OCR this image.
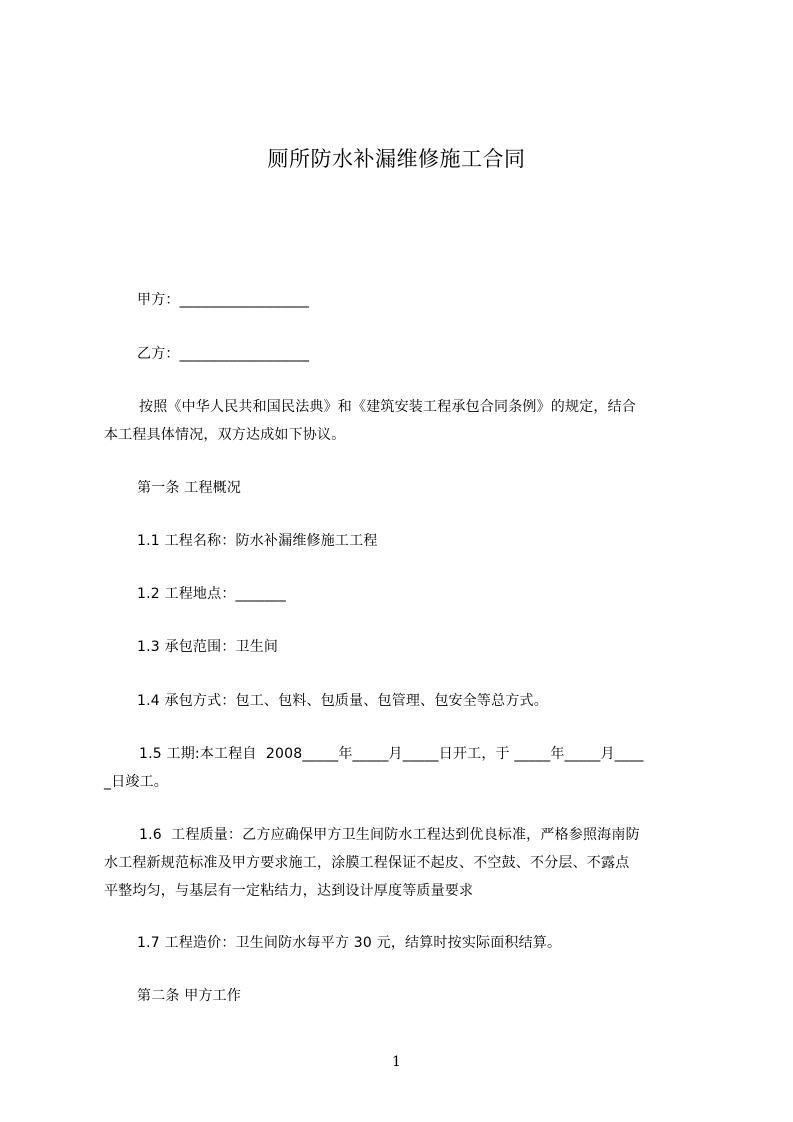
厕所防水补漏维修施工合同
甲方：__________________
乙方：__________________
按照《中华人民共和国民法典》和《建筑安装工程承包合同条例》的规定，结合
本工程具体情况，双方达成如下协议。
第一条 工程概况
1.1 工程名称：防水补漏维修施工工程
1.2 工程地点：_______
1.3 承包范围：卫生间
1.4 承包方式：包工、包料、包质量、包管理、包安全等总方式。
1.5 工期:本工程自  2008_____年_____月_____日开工，于 _____年_____月____
_日竣工。
1.6  工程质量：乙方应确保甲方卫生间防水工程达到优良标准，严格参照海南防
水工程新规范标准及甲方要求施工，涂膜工程保证不起皮、不空鼓、不分层、不露点
平整均匀，与基层有一定粘结力，达到设计厚度等质量要求
1.7 工程造价：卫生间防水每平方 30 元，结算时按实际面积结算。
第二条 甲方工作
1
